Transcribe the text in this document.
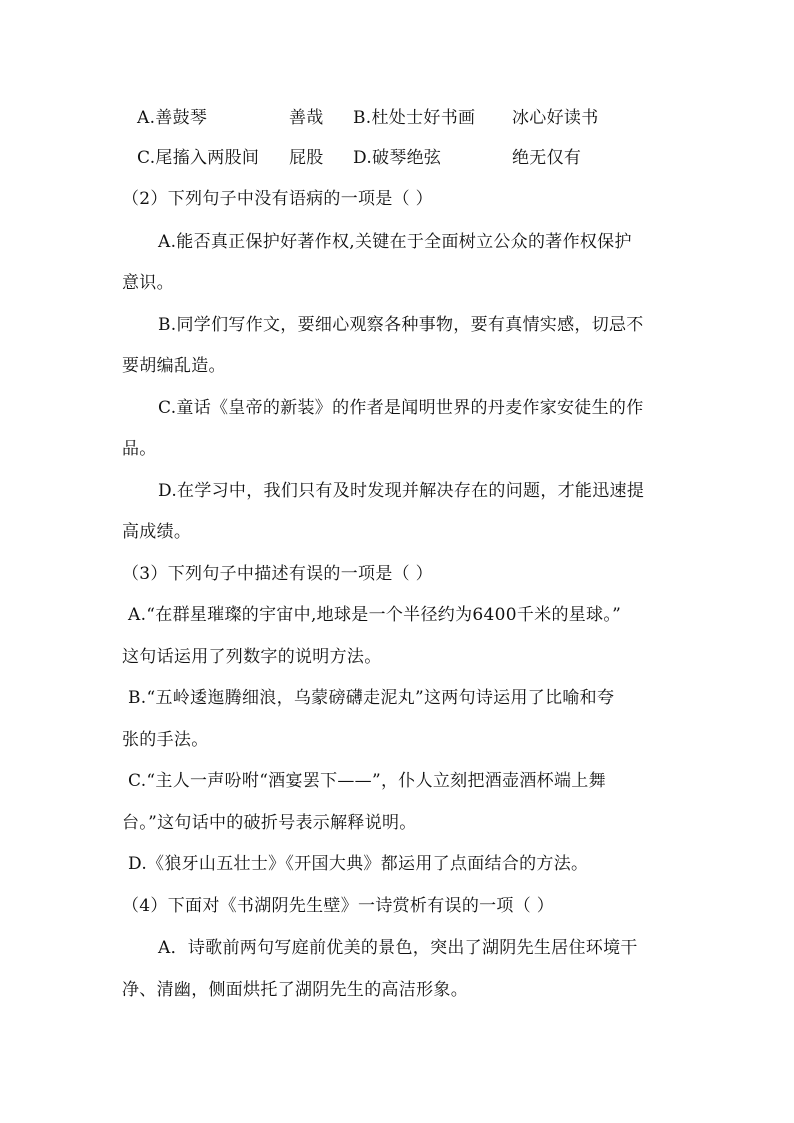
A.善鼓琴	善哉 B.杜处士好书画 冰心好读书
C.尾搐入两股间 屁股 D.破琴绝弦	绝无仅有
（2）下列句子中没有语病的一项是（ ）
A.能否真正保护好著作权,关键在于全面树立公众的著作权保护
意识。
B.同学们写作文，要细心观察各种事物，要有真情实感，切忌不
要胡编乱造。
C.童话《皇帝的新装》的作者是闻明世界的丹麦作家安徒生的作
品。
D.在学习中，我们只有及时发现并解决存在的问题，才能迅速提
高成绩。
（3）下列句子中描述有误的一项是（ ）
A.“在群星璀璨的宇宙中,地球是一个半径约为6400千米的星球。”
这句话运用了列数字的说明方法。
B.“五岭逶迤腾细浪，乌蒙磅礴走泥丸”这两句诗运用了比喻和夸
张的手法。
C.“主人一声吩咐“酒宴罢下——”，仆人立刻把酒壶酒杯端上舞
台。”这句话中的破折号表示解释说明。
D.《狼牙山五壮士》《开国大典》都运用了点面结合的方法。
（4）下面对《书湖阴先生壁》一诗赏析有误的一项（ ）
A．诗歌前两句写庭前优美的景色，突出了湖阴先生居住环境干
净、清幽，侧面烘托了湖阴先生的高洁形象。
